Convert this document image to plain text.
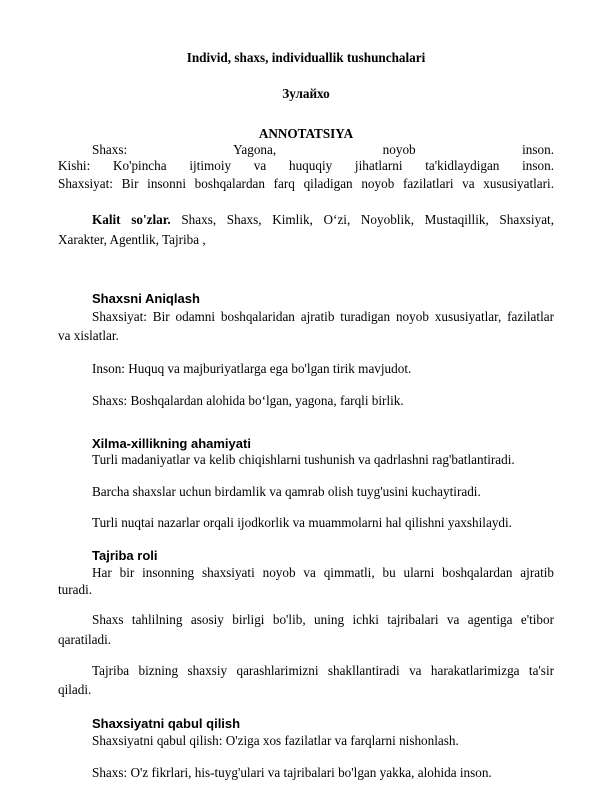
Individ, shaxs, individuallik tushunchalari
Зулайхо
ANNOTATSIYA
Shaxs: Yagona, noyob inson.
Kishi: Ko'pincha ijtimoiy va huquqiy jihatlarni ta'kidlaydigan inson.
Shaxsiyat: Bir insonni boshqalardan farq qiladigan noyob fazilatlari va xususiyatlari.
Kalit so'zlar. Shaxs, Shaxs, Kimlik, O‘zi, Noyoblik, Mustaqillik, Shaxsiyat,
Xarakter, Agentlik, Tajriba ,
Shaxsni Aniqlash
Shaxsiyat: Bir odamni boshqalaridan ajratib turadigan noyob xususiyatlar, fazilatlar
va xislatlar.
Inson: Huquq va majburiyatlarga ega bo'lgan tirik mavjudot.
Shaxs: Boshqalardan alohida bo‘lgan, yagona, farqli birlik.
Xilma-xillikning ahamiyati
Turli madaniyatlar va kelib chiqishlarni tushunish va qadrlashni rag'batlantiradi.
Barcha shaxslar uchun birdamlik va qamrab olish tuyg'usini kuchaytiradi.
Turli nuqtai nazarlar orqali ijodkorlik va muammolarni hal qilishni yaxshilaydi.
Tajriba roli
Har bir insonning shaxsiyati noyob va qimmatli, bu ularni boshqalardan ajratib
turadi.
Shaxs tahlilning asosiy birligi bo'lib, uning ichki tajribalari va agentiga e'tibor
qaratiladi.
Tajriba bizning shaxsiy qarashlarimizni shakllantiradi va harakatlarimizga ta'sir
qiladi.
Shaxsiyatni qabul qilish
Shaxsiyatni qabul qilish: O'ziga xos fazilatlar va farqlarni nishonlash.
Shaxs: O'z fikrlari, his-tuyg'ulari va tajribalari bo'lgan yakka, alohida inson.
